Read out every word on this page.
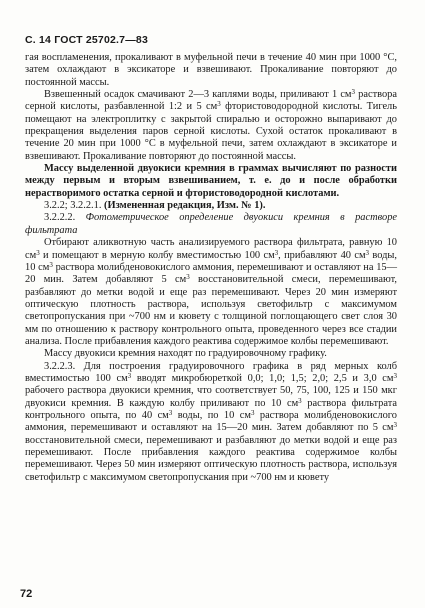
С. 14 ГОСТ 25702.7—83

гая воспламенения, прокаливают в муфельной печи в течение 40 мин при 1000 °С, затем охлаждают в эксикаторе и взвешивают. Прокаливание повторяют до постоянной массы.

Взвешенный осадок смачивают 2—3 каплями воды, приливают 1 $см^3$ раствора серной кислоты, разбавленной 1:2 и 5 $см^3$ фтористоводородной кислоты. Тигель помещают на электроплитку с закрытой спиралью и осторожно выпаривают до прекращения выделения паров серной кислоты. Сухой остаток прокаливают в течение 20 мин при 1000 °С в муфельной печи, затем охлаждают в эксикаторе и взвешивают. Прокаливание повторяют до постоянной массы.

Массу выделенной двуокиси кремния в граммах вычисляют по разности между первым и вторым взвешиванием, т. е. до и после обработки нерастворимого остатка серной и фтористоводородной кислотами.

3.2.2; 3.2.2.1. (Измененная редакция, Изм. № 1).

3.2.2.2. Фотометрическое определение двуокиси кремния в растворе фильтрата

Отбирают аликвотную часть анализируемого раствора фильтрата, равную 10 $см^3$ и помещают в мерную колбу вместимостью 100 $см^3$, прибавляют 40 $см^3$ воды, 10 $см^3$ раствора молибденовокислого аммония, перемешивают и оставляют на 15—20 мин. Затем добавляют 5 $см^3$ восстановительной смеси, перемешивают, разбавляют до метки водой и еще раз перемешивают. Через 20 мин измеряют оптическую плотность раствора, используя светофильтр с максимумом светопропускания при ~700 нм и кювету с толщиной поглощающего свет слоя 30 мм по отношению к раствору контрольного опыта, проведенного через все стадии анализа. После прибавления каждого реактива содержимое колбы перемешивают.

Массу двуокиси кремния находят по градуировочному графику.

3.2.2.3. Для построения градуировочного графика в ряд мерных колб вместимостью 100 $см^3$ вводят микробюреткой 0,0; 1,0; 1,5; 2,0; 2,5 и 3,0 $см^3$ рабочего раствора двуокиси кремния, что соответствует 50, 75, 100, 125 и 150 мкг двуокиси кремния. В каждую колбу приливают по 10 $см^3$ раствора фильтрата контрольного опыта, по 40 $см^3$ воды, по 10 $см^3$ раствора молибденовокислого аммония, перемешивают и оставляют на 15—20 мин. Затем добавляют по 5 $см^3$ восстановительной смеси, перемешивают и разбавляют до метки водой и еще раз перемешивают. После прибавления каждого реактива содержимое колбы перемешивают. Через 50 мин измеряют оптическую плотность раствора, используя светофильтр с максимумом светопропускания при ~700 нм и кювету

72
